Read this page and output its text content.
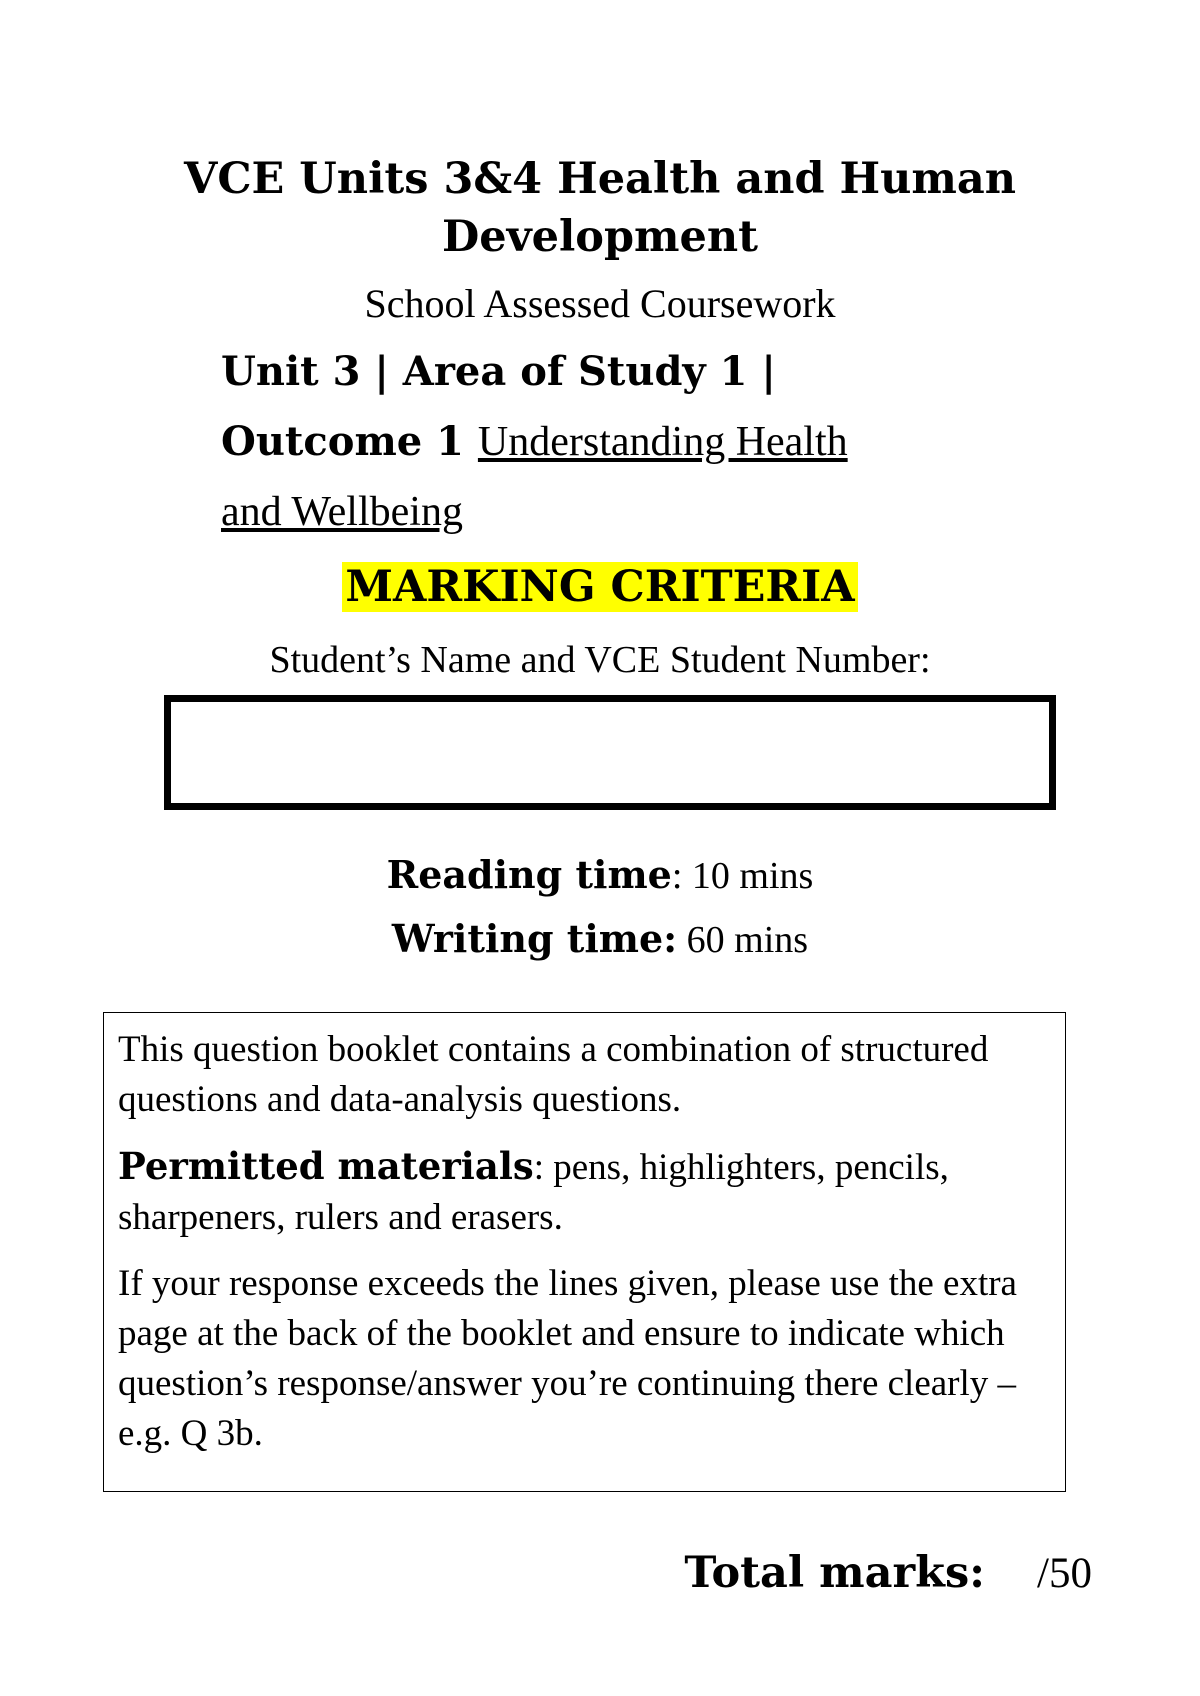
VCE Units 3&4 Health and Human
Development
School Assessed Coursework
Unit 3 | Area of Study 1 |
Outcome 1 Understanding Health
and Wellbeing
MARKING CRITERIA
Student’s Name and VCE Student Number:
Reading time: 10 mins
Writing time: 60 mins

This question booklet contains a combination of structured questions and data-analysis questions.

Permitted materials: pens, highlighters, pencils, sharpeners, rulers and erasers.

If your response exceeds the lines given, please use the extra page at the back of the booklet and ensure to indicate which question’s response/answer you’re continuing there clearly – e.g. Q 3b.

Total marks: /50
